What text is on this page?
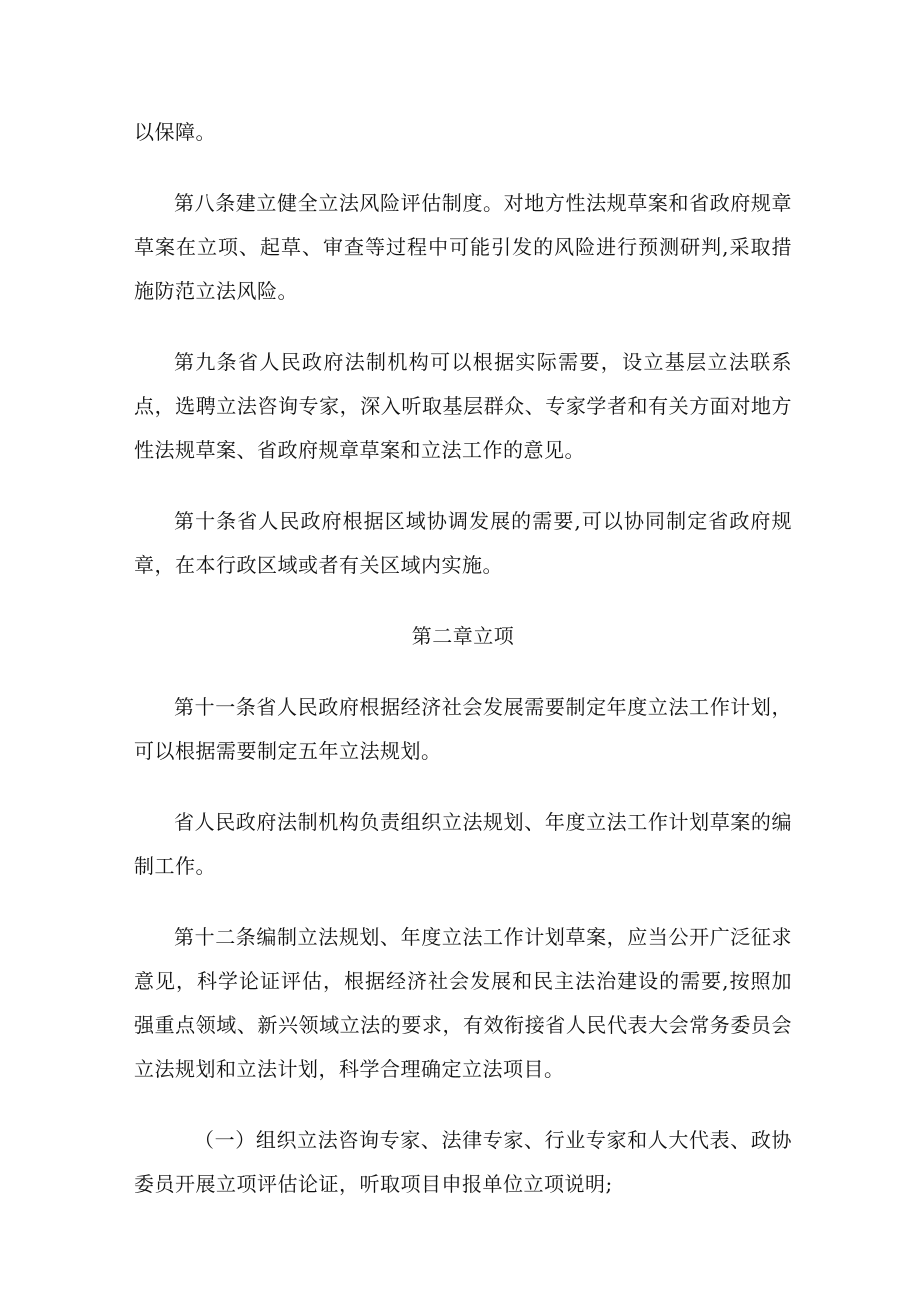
以保障。

第八条建立健全立法风险评估制度。对地方性法规草案和省政府规章草案在立项、起草、审查等过程中可能引发的风险进行预测研判,采取措施防范立法风险。

第九条省人民政府法制机构可以根据实际需要，设立基层立法联系点，选聘立法咨询专家，深入听取基层群众、专家学者和有关方面对地方性法规草案、省政府规章草案和立法工作的意见。

第十条省人民政府根据区域协调发展的需要,可以协同制定省政府规章，在本行政区域或者有关区域内实施。

第二章立项

第十一条省人民政府根据经济社会发展需要制定年度立法工作计划，可以根据需要制定五年立法规划。

省人民政府法制机构负责组织立法规划、年度立法工作计划草案的编制工作。

第十二条编制立法规划、年度立法工作计划草案，应当公开广泛征求意见，科学论证评估，根据经济社会发展和民主法治建设的需要,按照加强重点领域、新兴领域立法的要求，有效衔接省人民代表大会常务委员会立法规划和立法计划，科学合理确定立法项目。

（一）组织立法咨询专家、法律专家、行业专家和人大代表、政协委员开展立项评估论证，听取项目申报单位立项说明;
